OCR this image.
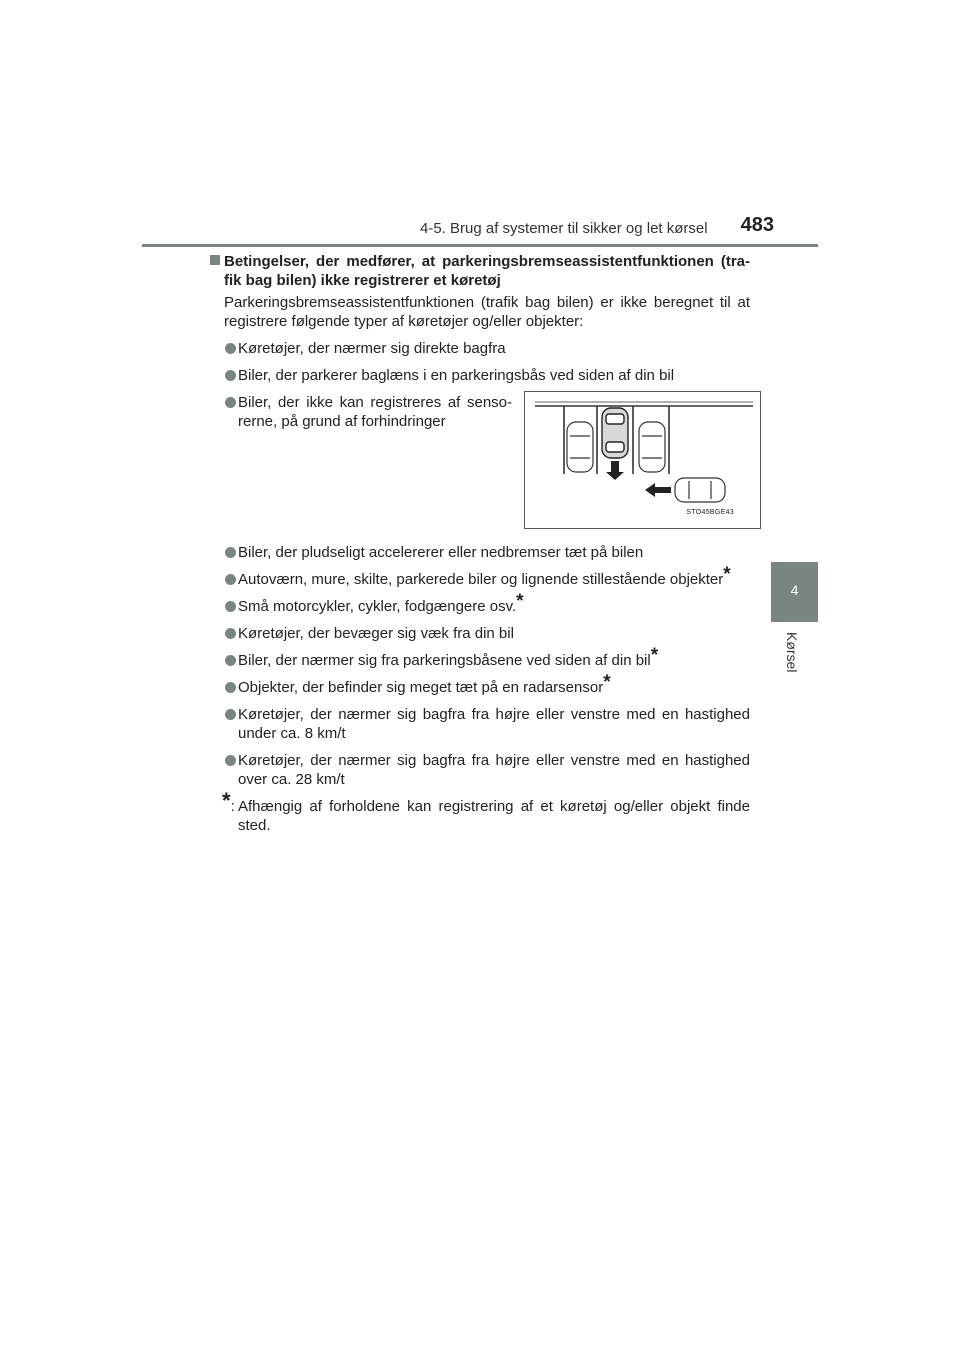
4-5. Brug af systemer til sikker og let kørsel 483
4
Kørsel
Betingelser, der medfører, at parkeringsbremseassistentfunktionen (tra-fik bag bilen) ikke registrerer et køretøj
Parkeringsbremseassistentfunktionen (trafik bag bilen) er ikke beregnet til at registrere følgende typer af køretøjer og/eller objekter:
Køretøjer, der nærmer sig direkte bagfra
Biler, der parkerer baglæns i en parkeringsbås ved siden af din bil
Biler, der ikke kan registreres af senso-rerne, på grund af forhindringer
STO45BGE43
Biler, der pludseligt accelererer eller nedbremser tæt på bilen
Autoværn, mure, skilte, parkerede biler og lignende stillestående objekter*
Små motorcykler, cykler, fodgængere osv.*
Køretøjer, der bevæger sig væk fra din bil
Biler, der nærmer sig fra parkeringsbåsene ved siden af din bil*
Objekter, der befinder sig meget tæt på en radarsensor*
Køretøjer, der nærmer sig bagfra fra højre eller venstre med en hastighed under ca. 8 km/t
Køretøjer, der nærmer sig bagfra fra højre eller venstre med en hastighed over ca. 28 km/t
*: Afhængig af forholdene kan registrering af et køretøj og/eller objekt finde sted.
